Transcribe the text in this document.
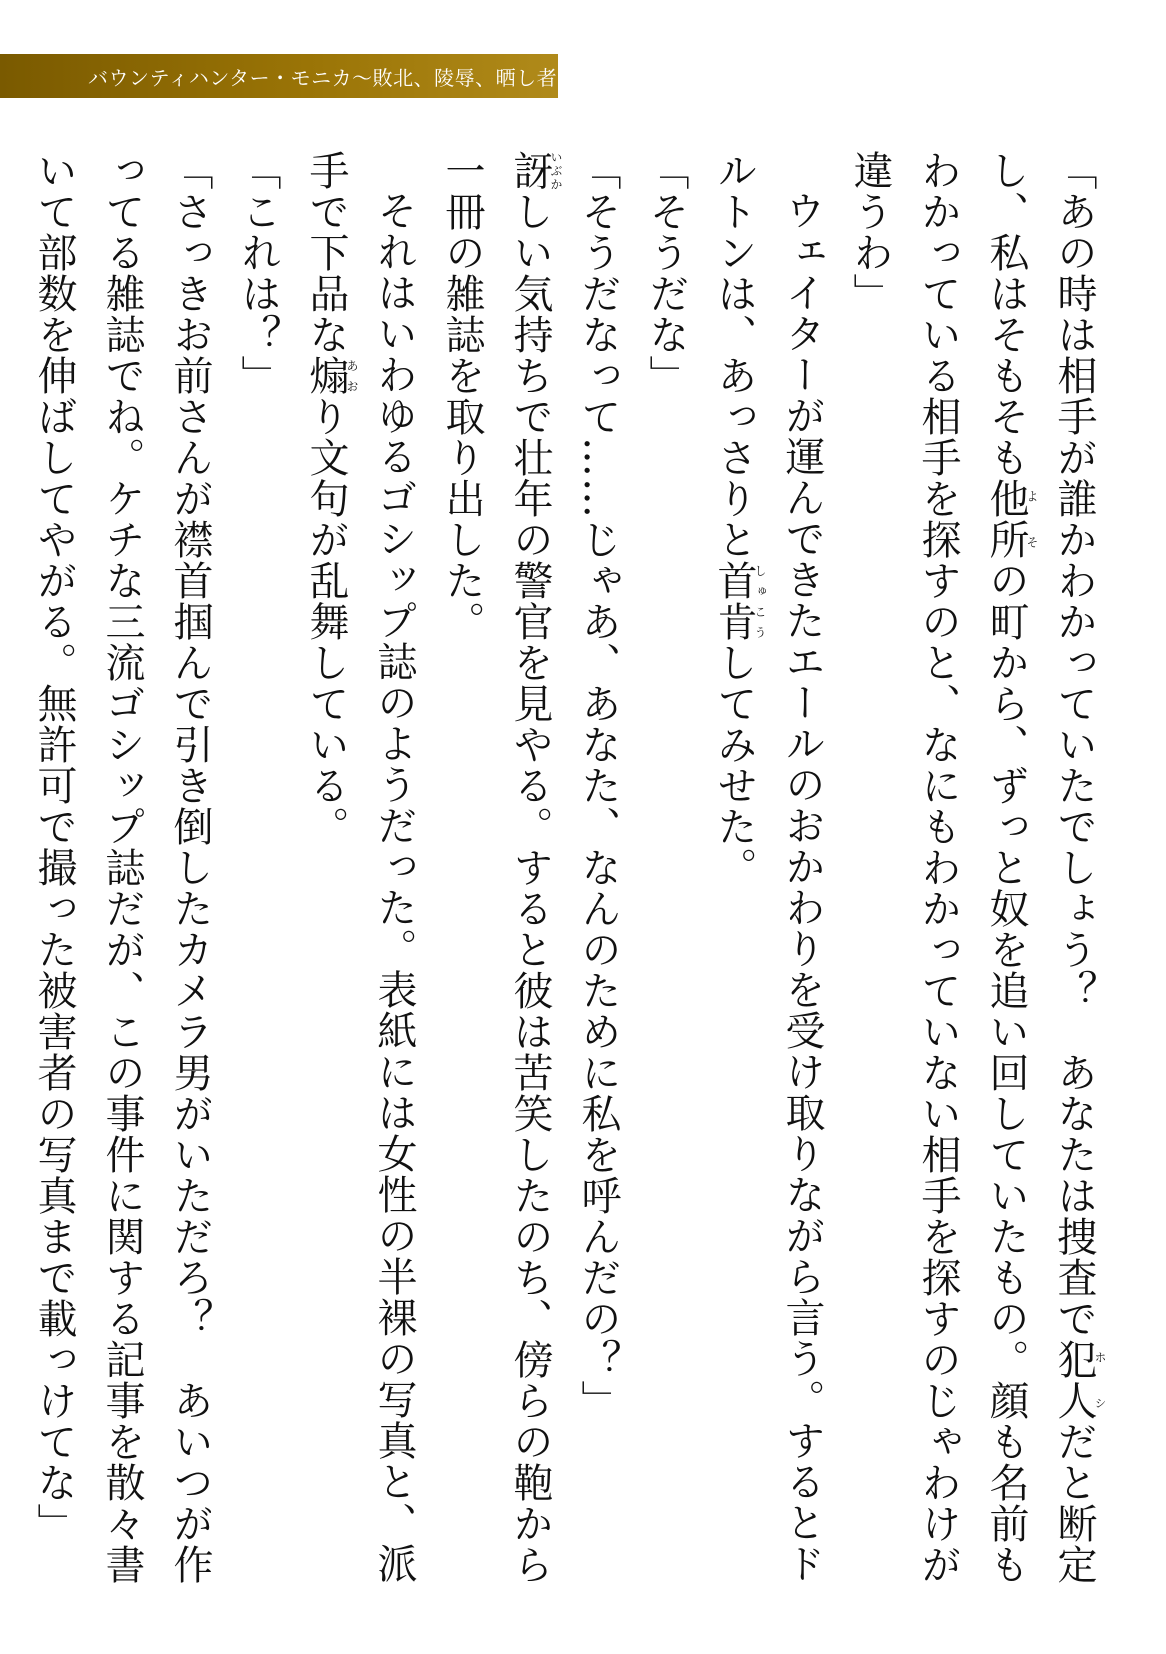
バウンティハンター・モニカ〜敗北、陵辱、晒し者〜

「あの時は相手が誰かわかっていたでしょう？　あなたは捜査で犯人ホシだと断定し、私はそもそも他所よその町から、ずっと奴を追い回していたもの。顔も名前もわかっている相手を探すのと、なにもわかっていない相手を探すのじゃわけが違うわ」

ウェイターが運んできたエールのおかわりを受け取りながら言う。するとドルトンは、あっさりと首肯しゅこうしてみせた。

「そうだな」

「そうだなって……じゃあ、あなた、なんのために私を呼んだの？」

訝いぶかしい気持ちで壮年の警官を見やる。すると彼は苦笑したのち、傍らの鞄から一冊の雑誌を取り出した。

それはいわゆるゴシップ誌のようだった。表紙には女性の半裸の写真と、派手で下品な煽あおり文句が乱舞している。

「これは？」

「さっきお前さんが襟首掴んで引き倒したカメラ男がいただろ？　あいつが作ってる雑誌でね。ケチな三流ゴシップ誌だが、この事件に関する記事を散々書いて部数を伸ばしてやがる。無許可で撮った被害者の写真まで載っけてな」
